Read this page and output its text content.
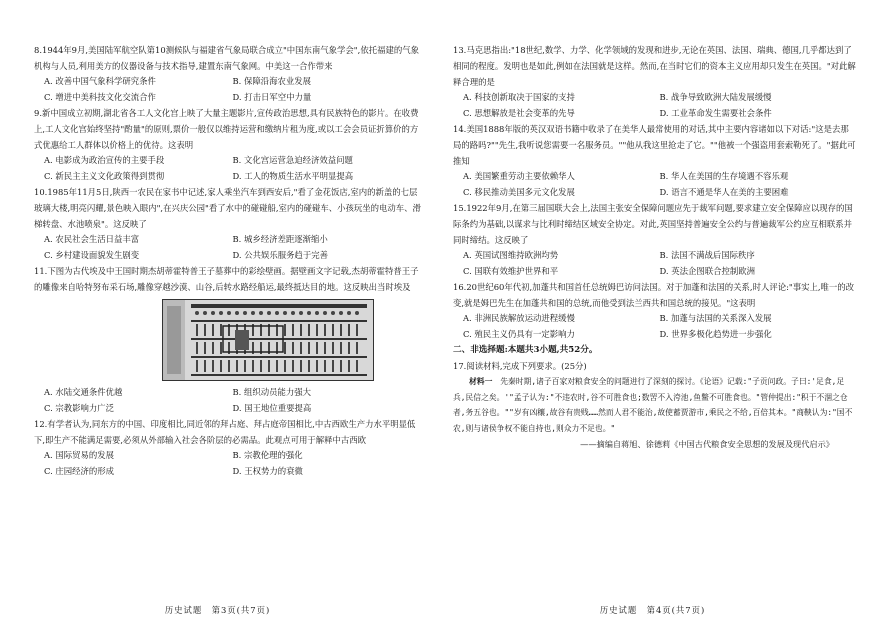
8.1944年9月,美国陆军航空队第10测候队与福建省气象局联合成立"中国东南气象学会",依托福建的气象机构与人员,利用美方的仪器设备与技术指导,建置东南气象网。中美这一合作带来
A. 改善中国气象科学研究条件	B. 保障沿海农业发展
C. 增进中美科技文化交流合作	D. 打击日军空中力量
9.新中国成立初期,湖北省各工人文化宫上映了大量主题影片,宣传政治思想,具有民族特色的影片。在收费上,工人文化宫始终坚持"酌量"的原则,票价一般仅以维持运营和缴纳片租为度,或以工会会员证折算价的方式优惠给工人群体以价格上的优待。这表明
A. 电影成为政治宣传的主要手段	B. 文化宫运营急迫经济效益问题
C. 新民主主义文化政策得到贯彻	D. 工人的物质生活水平明显提高
10.1985年11月5日,陕西一农民在家书中记述,家人乘坐汽车到西安后,"看了金花饭店,室内的新盖的七层玻璃大楼,明亮闪耀,景色映入眼内",在兴庆公园"看了水中的碰碰船,室内的碰碰车、小孩玩坐的电动车、滑梯转盘、水池喷泉"。这反映了
A. 农民社会生活日益丰富	B. 城乡经济差距逐渐缩小
C. 乡村建设面貌发生剧变	D. 公共娱乐服务趋于完善
11.下图为古代埃及中王国时期杰胡蒂霍特普王子墓葬中的彩绘壁画。据壁画文字记载,杰胡蒂霍特普王子的雕像来自哈特努布采石场,雕像穿越沙漠、山谷,后转水路经船运,最终抵达目的地。这反映出当时埃及
A. 水陆交通条件优越	B. 组织动员能力强大
C. 宗教影响力广泛	D. 国王地位重要提高
12.有学者认为,同东方的中国、印度相比,同近邻的拜占庭、拜占庭帝国相比,中古西欧生产力水平明显低下,即生产不能满足需要,必须从外部输入社会各阶层的必需品。此观点可用于解释中古西欧
A. 国际贸易的发展	B. 宗教伦理的强化
C. 庄园经济的形成	D. 王权势力的衰微
历史试题　第3页(共7页)
13.马克思指出:"18世纪,数学、力学、化学领域的发现和进步,无论在英国、法国、瑞典、德国,几乎都达到了相同的程度。发明也是如此,例如在法国就是这样。然而,在当时它们的资本主义应用却只发生在英国。"对此解释合理的是
A. 科技创新取决于国家的支持	B. 战争导致欧洲大陆发展缓慢
C. 思想解放是社会变革的先导	D. 工业革命发生需要社会条件
14.美国1888年版的英汉双语书籍中收录了在美华人最常使用的对话,其中主要内容诸如以下对话:"这是去那局的路吗?""先生,我听说您需要一名服务员。""他从我这里抢走了它。""他被一个强盗用套索勒死了。"据此可推知
A. 美国繁重劳动主要依赖华人	B. 华人在美国的生存境遇不容乐观
C. 移民推动美国多元文化发展	D. 语言不通是华人在美的主要困难
15.1922年9月,在第三届国联大会上,法国主张安全保障问题应先于裁军问题,要求建立安全保障应以现存的国际条约为基础,以谋求与比利时缔结区域安全协定。对此,英国坚持普遍安全公约与普遍裁军公约应互相联系并同时缔结。这反映了
A. 英国试图维持欧洲均势	B. 法国不满战后国际秩序
C. 国联有效维护世界和平	D. 英法企图联合控制欧洲
16.20世纪60年代初,加蓬共和国首任总统姆巴访问法国。对于加蓬和法国的关系,时人评论:"事实上,唯一的改变,就是姆巴先生在加蓬共和国的总统,而他受到法兰西共和国总统的接见。"这表明
A. 非洲民族解放运动进程缓慢	B. 加蓬与法国的关系深入发展
C. 殖民主义仍具有一定影响力	D. 世界多极化趋势进一步强化
二、非选择题:本题共3小题,共52分。
17.阅读材料,完成下列要求。(25分)
材料一　 先秦时期,诸子百家对粮食安全的问题进行了深刻的探讨。《论语》记载:"子贡问政。子曰:'足食,足兵,民信之矣。'"孟子认为:"不违农时,谷不可胜食也;数罟不入洿池,鱼鳖不可胜食也。"管仲提出:"积于不涸之仓者,务五谷也。""岁有凶穰,故谷有贵贱……然而人君不能治,故使蓄贾游市,乘民之不给,百倍其本。"商鞅认为:"国不农,则与诸侯争权不能自持也,则众力不足也。"
——摘编自蒋旭、徐德莉《中国古代粮食安全思想的发展及现代启示》
历史试题　第4页(共7页)
